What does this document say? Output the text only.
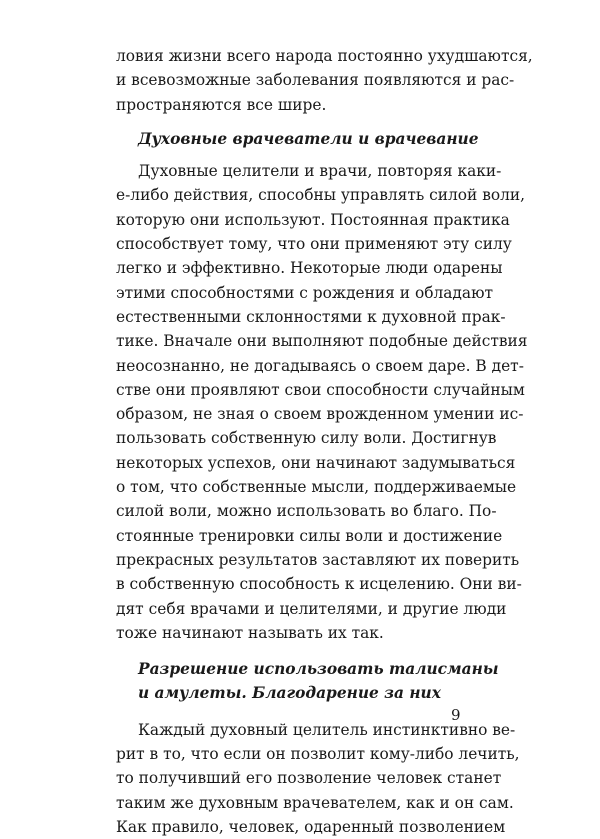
ловия жизни всего народа постоянно ухудшаются,

и всевозможные заболевания появляются и рас-

пространяются все шире.

Духовные врачеватели и врачевание

Духовные целители и врачи, повторяя каки-

е-либо действия, способны управлять силой воли,

которую они используют. Постоянная практика

способствует тому, что они применяют эту силу

легко и эффективно. Некоторые люди одарены

этими способностями с рождения и обладают

естественными склонностями к духовной прак-

тике. Вначале они выполняют подобные действия

неосознанно, не догадываясь о своем даре. В дет-

стве они проявляют свои способности случайным

образом, не зная о своем врожденном умении ис-

пользовать собственную силу воли. Достигнув

некоторых успехов, они начинают задумываться

о том, что собственные мысли, поддерживаемые

силой воли, можно использовать во благо. По-

стоянные тренировки силы воли и достижение

прекрасных результатов заставляют их поверить

в собственную способность к исцелению. Они ви-

дят себя врачами и целителями, и другие люди

тоже начинают называть их так.

Разрешение использовать талисманы

и амулеты. Благодарение за них

Каждый духовный целитель инстинктивно ве-

рит в то, что если он позволит кому-либо лечить,

то получивший его позволение человек станет

таким же духовным врачевателем, как и он сам.

Как правило, человек, одаренный позволением

9
